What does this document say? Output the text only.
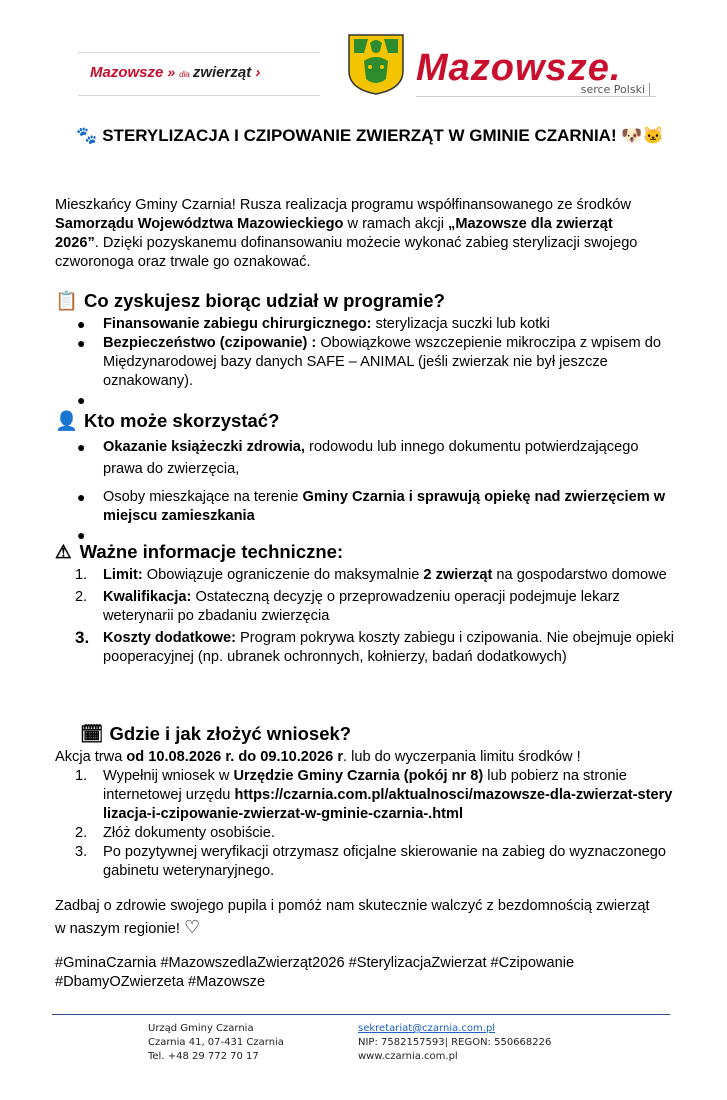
Mazowsze » dla zwierząt ›	Mazowsze.
serce Polski
🐾 STERYLIZACJA I CZIPOWANIE ZWIERZĄT W GMINIE CZARNIA! 🐶🐱
Mieszkańcy Gminy Czarnia! Rusza realizacja programu współfinansowanego ze środków Samorządu Województwa Mazowieckiego w ramach akcji „Mazowsze dla zwierząt 2026”. Dzięki pozyskanemu dofinansowaniu możecie wykonać zabieg sterylizacji swojego czworonoga oraz trwale go oznakować.
📋 Co zyskujesz biorąc udział w programie?
● Finansowanie zabiegu chirurgicznego: sterylizacja suczki lub kotki
● Bezpieczeństwo (czipowanie) : Obowiązkowe wszczepienie mikroczipa z wpisem do Międzynarodowej bazy danych SAFE – ANIMAL (jeśli zwierzak nie był jeszcze oznakowany).
●
👤 Kto może skorzystać?
● Okazanie książeczki zdrowia, rodowodu lub innego dokumentu potwierdzającego prawa do zwierzęcia,
● Osoby mieszkające na terenie Gminy Czarnia i sprawują opiekę nad zwierzęciem w miejscu zamieszkania
●
⚠ Ważne informacje techniczne:
1.	Limit: Obowiązuje ograniczenie do maksymalnie 2 zwierząt na gospodarstwo domowe
2.	Kwalifikacja: Ostateczną decyzję o przeprowadzeniu operacji podejmuje lekarz weterynarii po zbadaniu zwierzęcia
3. Koszty dodatkowe: Program pokrywa koszty zabiegu i czipowania. Nie obejmuje opieki pooperacyjnej (np. ubranek ochronnych, kołnierzy, badań dodatkowych)
🗓 Gdzie i jak złożyć wniosek?
Akcja trwa od 10.08.2026 r. do 09.10.2026 r. lub do wyczerpania limitu środków !
1.	Wypełnij wniosek w Urzędzie Gminy Czarnia (pokój nr 8) lub pobierz na stronie internetowej urzędu https://czarnia.com.pl/aktualnosci/mazowsze-dla-zwierzat-sterylizacja-i-czipowanie-zwierzat-w-gminie-czarnia-.html
2.	Złóż dokumenty osobiście.
3.	Po pozytywnej weryfikacji otrzymasz oficjalne skierowanie na zabieg do wyznaczonego gabinetu weterynaryjnego.
Zadbaj o zdrowie swojego pupila i pomóż nam skutecznie walczyć z bezdomnością zwierząt w naszym regionie! ♡
#GminaCzarnia #MazowszedlaZwierząt2026 #SterylizacjaZwierzat #Czipowanie #DbamyOZwierzeta #Mazowsze
Urząd Gminy Czarnia
Czarnia 41, 07-431 Czarnia
Tel. +48 29 772 70 17
sekretariat@czarnia.com.pl
NIP: 7582157593| REGON: 550668226
www.czarnia.com.pl
